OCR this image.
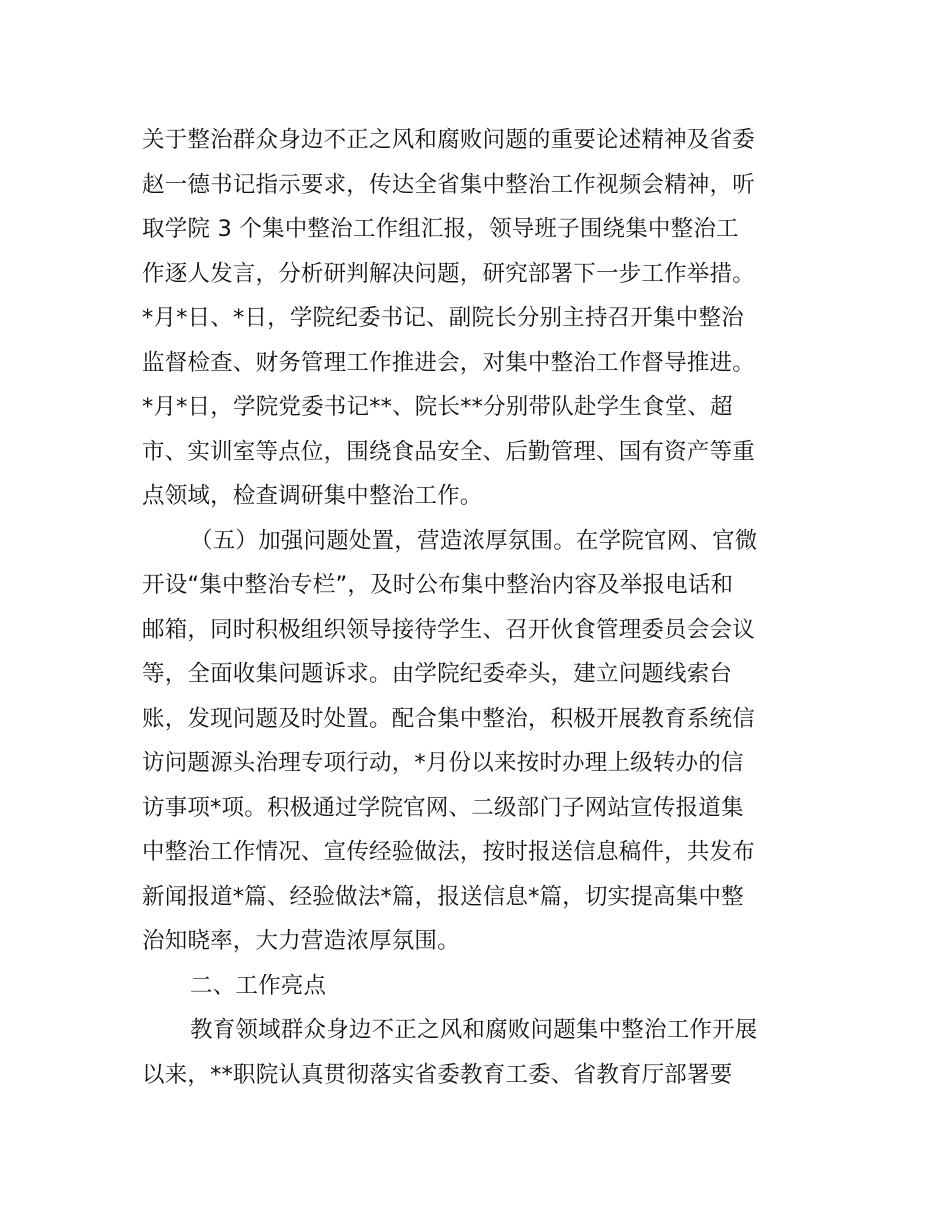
关于整治群众身边不正之风和腐败问题的重要论述精神及省委
赵一德书记指示要求，传达全省集中整治工作视频会精神，听
取学院 3 个集中整治工作组汇报，领导班子围绕集中整治工
作逐人发言，分析研判解决问题，研究部署下一步工作举措。
*月*日、*日，学院纪委书记、副院长分别主持召开集中整治
监督检查、财务管理工作推进会，对集中整治工作督导推进。
*月*日，学院党委书记**、院长**分别带队赴学生食堂、超
市、实训室等点位，围绕食品安全、后勤管理、国有资产等重
点领域，检查调研集中整治工作。
（五）加强问题处置，营造浓厚氛围。在学院官网、官微
开设“集中整治专栏”，及时公布集中整治内容及举报电话和
邮箱，同时积极组织领导接待学生、召开伙食管理委员会会议
等，全面收集问题诉求。由学院纪委牵头，建立问题线索台
账，发现问题及时处置。配合集中整治，积极开展教育系统信
访问题源头治理专项行动，*月份以来按时办理上级转办的信
访事项*项。积极通过学院官网、二级部门子网站宣传报道集
中整治工作情况、宣传经验做法，按时报送信息稿件，共发布
新闻报道*篇、经验做法*篇，报送信息*篇，切实提高集中整
治知晓率，大力营造浓厚氛围。
二、工作亮点
教育领域群众身边不正之风和腐败问题集中整治工作开展
以来，**职院认真贯彻落实省委教育工委、省教育厅部署要
